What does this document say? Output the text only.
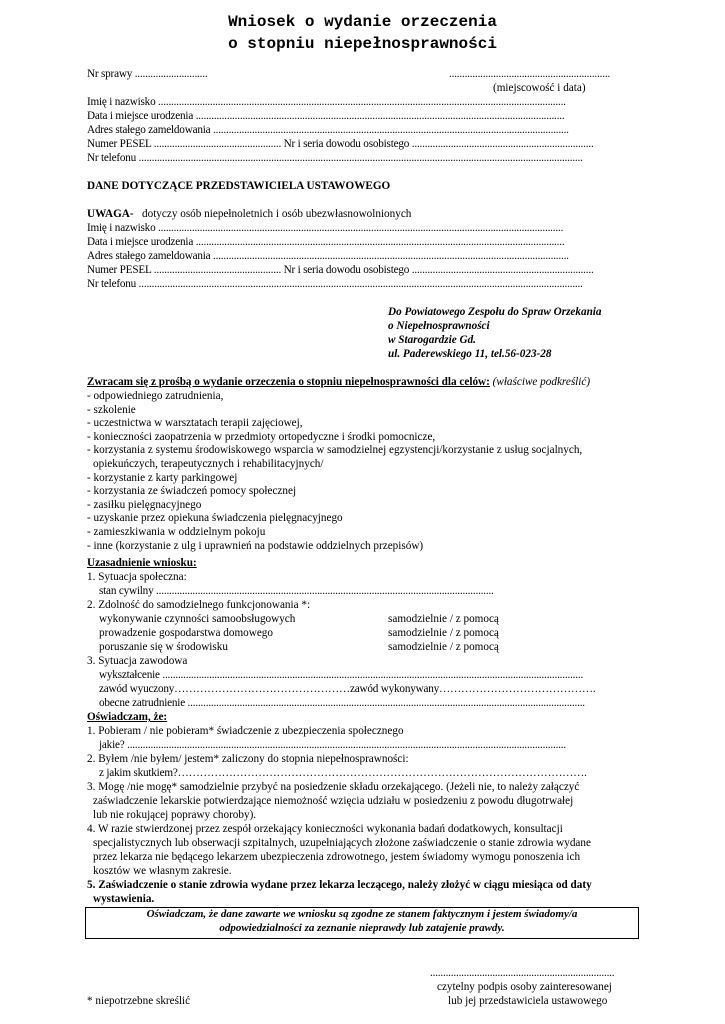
Wniosek o wydanie orzeczenia
o stopniu niepełnosprawności
Nr sprawy ............................	..............................................................
(miejscowość i data)
Imię i nazwisko .............................................................................................................................................................
Data i miejsce urodzenia ..............................................................................................................................................
Adres stałego zameldowania .........................................................................................................................................
Numer PESEL ................................................. Nr i seria dowodu osobistego ......................................................................
Nr telefonu ...........................................................................................................................................................................
DANE DOTYCZĄCE PRZEDSTAWICIELA USTAWOWEGO
UWAGA- dotyczy osób niepełnoletnich i osób ubezwłasnowolnionych
Imię i nazwisko ............................................................................................................................................................
Data i miejsce urodzenia ..............................................................................................................................................
Adres stałego zameldowania .........................................................................................................................................
Numer PESEL ................................................. Nr i seria dowodu osobistego ......................................................................
Nr telefonu ...........................................................................................................................................................................
Do Powiatowego Zespołu do Spraw Orzekania
o Niepełnosprawności
w Starogardzie Gd.
ul. Paderewskiego 11, tel.56-023-28
Zwracam się z prośbą o wydanie orzeczenia o stopniu niepełnosprawności dla celów: (właściwe podkreślić)
- odpowiedniego zatrudnienia,
- szkolenie
- uczestnictwa w warsztatach terapii zajęciowej,
- konieczności zaopatrzenia w przedmioty ortopedyczne i środki pomocnicze,
- korzystania z systemu środowiskowego wsparcia w samodzielnej egzystencji/korzystanie z usług socjalnych,
opiekuńczych, terapeutycznych i rehabilitacyjnych/
- korzystanie z karty parkingowej
- korzystania ze świadczeń pomocy społecznej
- zasiłku pielęgnacyjnego
- uzyskanie przez opiekuna świadczenia pielęgnacyjnego
- zamieszkiwania w oddzielnym pokoju
- inne (korzystanie z ulg i uprawnień na podstawie oddzielnych przepisów)
Uzasadnienie wniosku:
1. Sytuacja społeczna:
stan cywilny ..................................................................................................................................
2. Zdolność do samodzielnego funkcjonowania *:
wykonywanie czynności samoobsługowych	samodzielnie / z pomocą
prowadzenie gospodarstwa domowego	samodzielnie / z pomocą
poruszanie się w środowisku	samodzielnie / z pomocą
3. Sytuacja zawodowa
wykształcenie ..................................................................................................................................................................
zawód wyuczony…………………………………………zawód wykonywany…………………………………….
obecne zatrudnienie .........................................................................................................................................................
Oświadczam, że:
1. Pobieram / nie pobieram* świadczenie z ubezpieczenia społecznego
jakie? .........................................................................................................................................................................
2. Byłem /nie byłem/ jestem* zaliczony do stopnia niepełnosprawności:
z jakim skutkiem?………………………………………………………………………………………………….
3. Mogę /nie mogę* samodzielnie przybyć na posiedzenie składu orzekającego. (Jeżeli nie, to należy załączyć
zaświadczenie lekarskie potwierdzające niemożność wzięcia udziału w posiedzeniu z powodu długotrwałej
lub nie rokującej poprawy choroby).
4. W razie stwierdzonej przez zespół orzekający konieczności wykonania badań dodatkowych, konsultacji
specjalistycznych lub obserwacji szpitalnych, uzupełniających złożone zaświadczenie o stanie zdrowia wydane
przez lekarza nie będącego lekarzem ubezpieczenia zdrowotnego, jestem świadomy wymogu ponoszenia ich
kosztów we własnym zakresie.
5. Zaświadczenie o stanie zdrowia wydane przez lekarza leczącego, należy złożyć w ciągu miesiąca od daty
wystawienia.
Oświadczam, że dane zawarte we wniosku są zgodne ze stanem faktycznym i jestem świadomy/a
odpowiedzialności za zeznanie nieprawdy lub zatajenie prawdy.
.......................................................................
czytelny podpis osoby zainteresowanej
lub jej przedstawiciela ustawowego
* niepotrzebne skreślić
